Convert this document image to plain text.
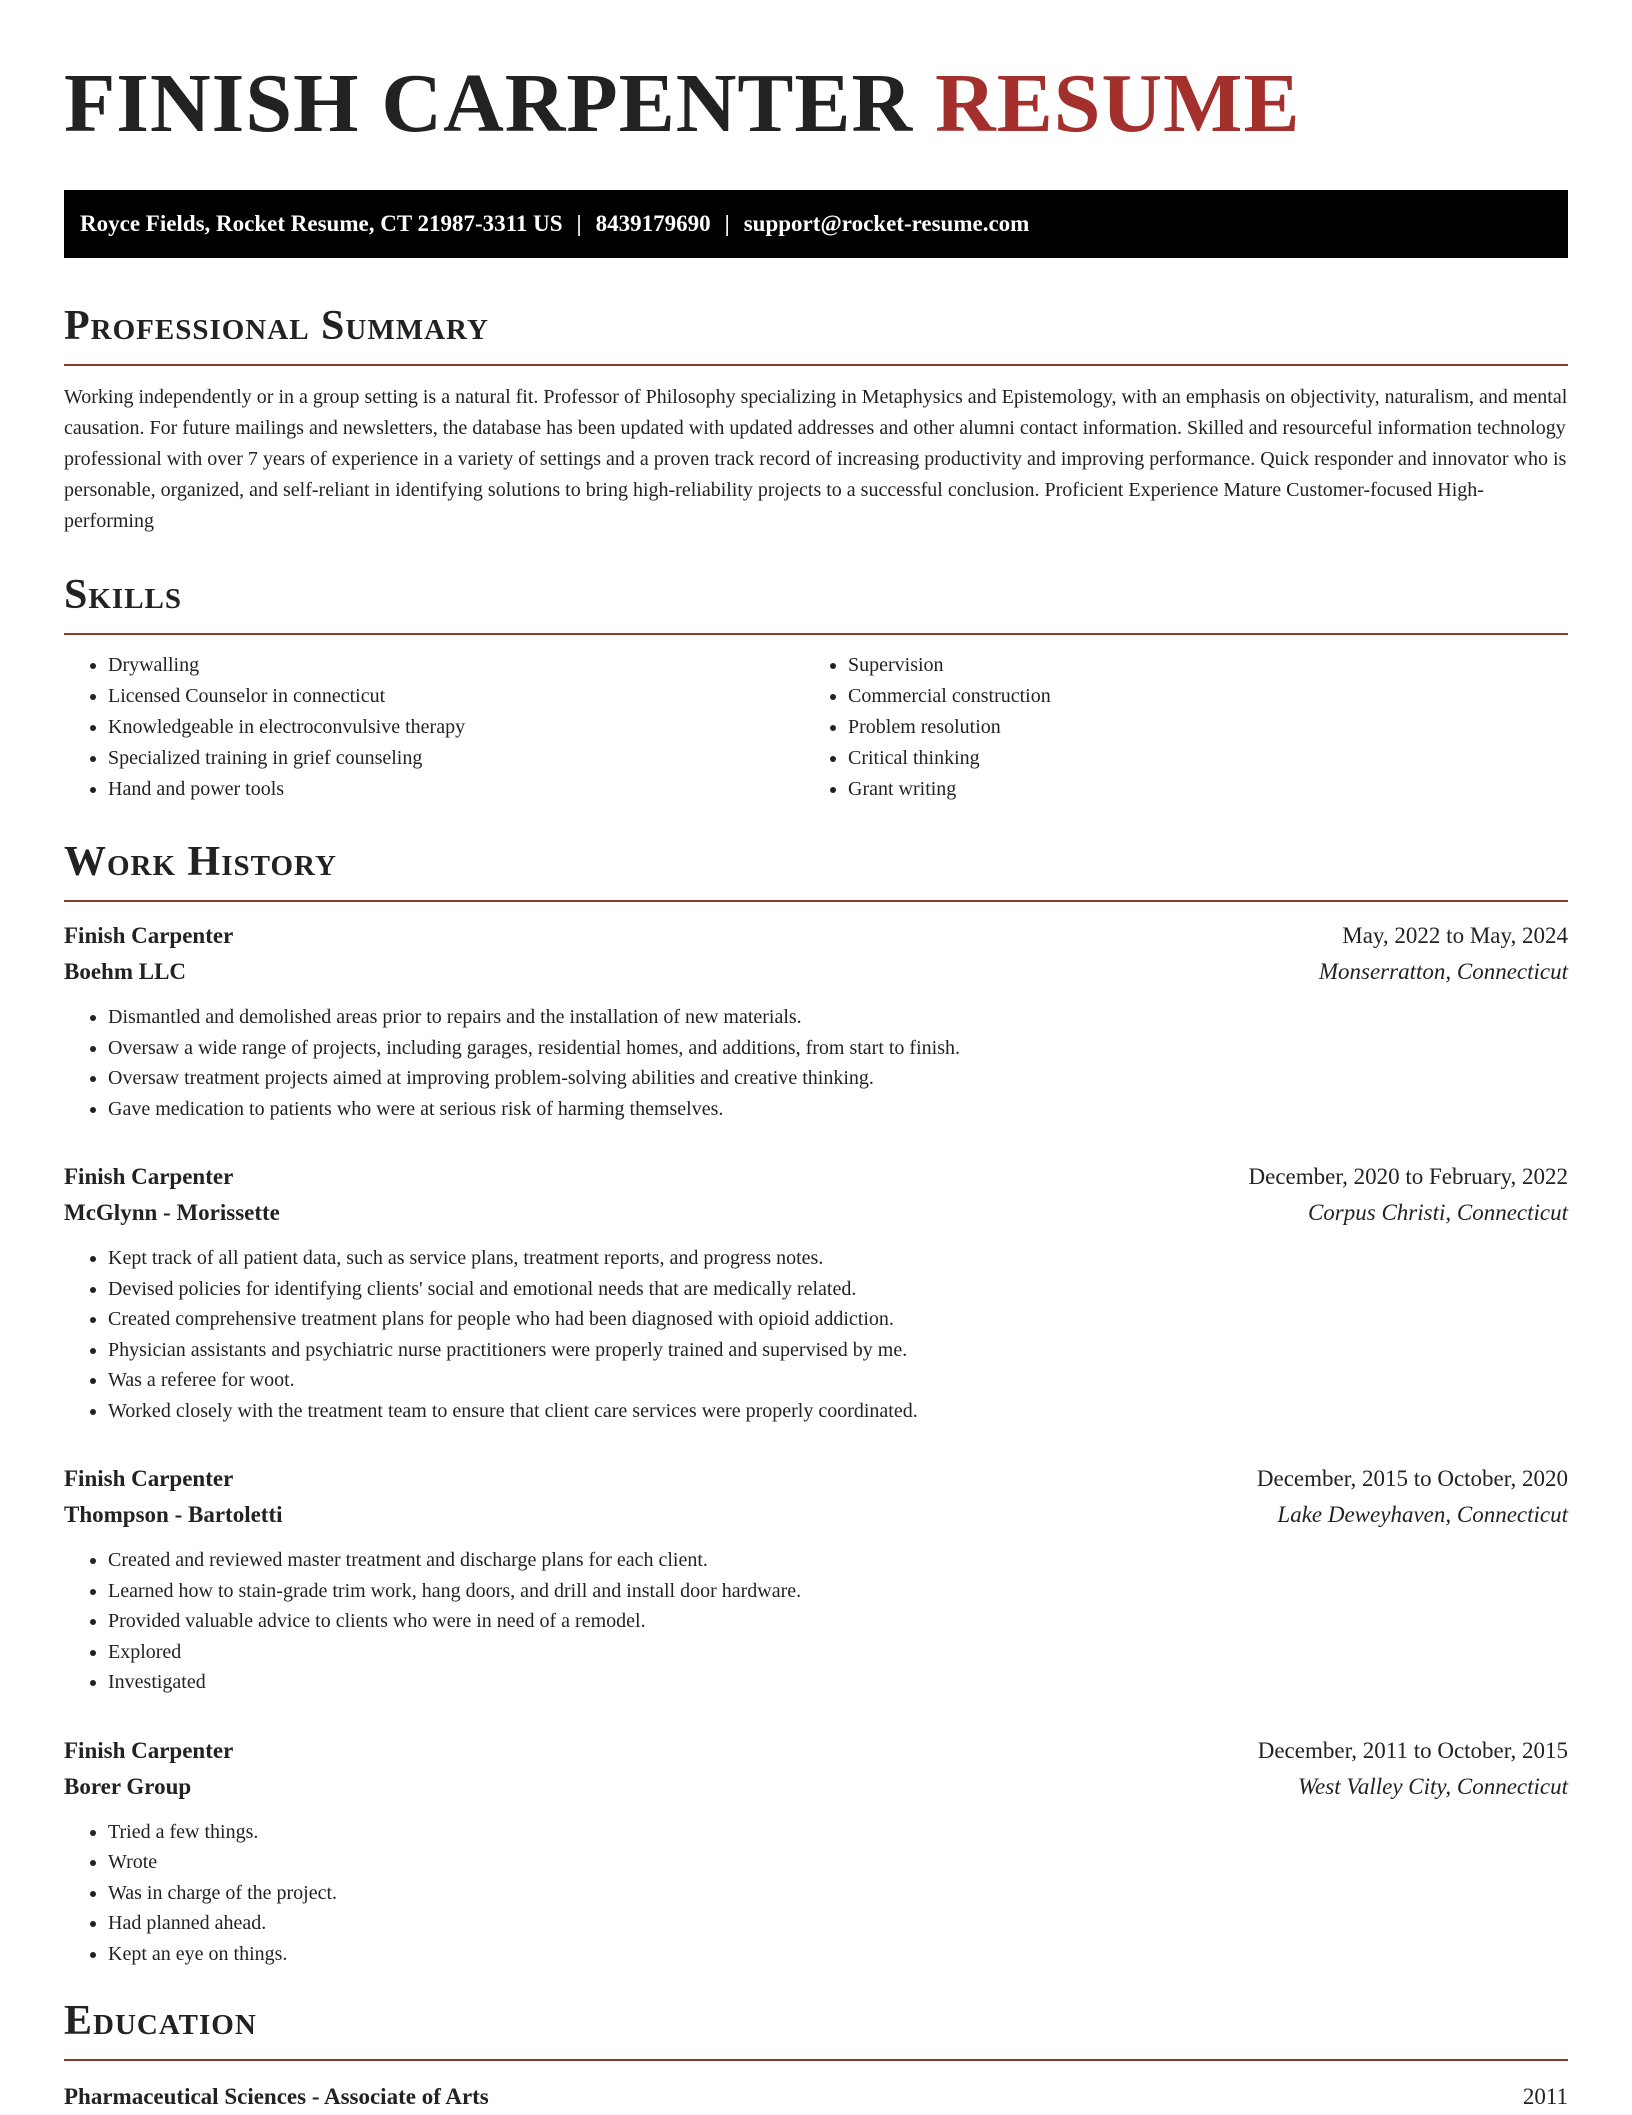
FINISH CARPENTER RESUME
Royce Fields, Rocket Resume, CT 21987-3311 US | 8439179690 | support@rocket-resume.com
Professional Summary

Working independently or in a group setting is a natural fit. Professor of Philosophy specializing in Metaphysics and Epistemology, with an emphasis on objectivity, naturalism, and mental causation. For future mailings and newsletters, the database has been updated with updated addresses and other alumni contact information. Skilled and resourceful information technology professional with over 7 years of experience in a variety of settings and a proven track record of increasing productivity and improving performance. Quick responder and innovator who is personable, organized, and self-reliant in identifying solutions to bring high-reliability projects to a successful conclusion. Proficient Experience Mature Customer-focused High-performing

Skills
• Drywalling
• Licensed Counselor in connecticut
• Knowledgeable in electroconvulsive therapy
• Specialized training in grief counseling
• Hand and power tools
• Supervision
• Commercial construction
• Problem resolution
• Critical thinking
• Grant writing
Work History
Finish Carpenter	May, 2022 to May, 2024
Boehm LLC	Monserratton, Connecticut
• Dismantled and demolished areas prior to repairs and the installation of new materials.
• Oversaw a wide range of projects, including garages, residential homes, and additions, from start to finish.
• Oversaw treatment projects aimed at improving problem-solving abilities and creative thinking.
• Gave medication to patients who were at serious risk of harming themselves.
Finish Carpenter	December, 2020 to February, 2022
McGlynn - Morissette	Corpus Christi, Connecticut
• Kept track of all patient data, such as service plans, treatment reports, and progress notes.
• Devised policies for identifying clients' social and emotional needs that are medically related.
• Created comprehensive treatment plans for people who had been diagnosed with opioid addiction.
• Physician assistants and psychiatric nurse practitioners were properly trained and supervised by me.
• Was a referee for woot.
• Worked closely with the treatment team to ensure that client care services were properly coordinated.
Finish Carpenter	December, 2015 to October, 2020
Thompson - Bartoletti	Lake Deweyhaven, Connecticut
• Created and reviewed master treatment and discharge plans for each client.
• Learned how to stain-grade trim work, hang doors, and drill and install door hardware.
• Provided valuable advice to clients who were in need of a remodel.
• Explored
• Investigated
Finish Carpenter	December, 2011 to October, 2015
Borer Group	West Valley City, Connecticut
• Tried a few things.
• Wrote
• Was in charge of the project.
• Had planned ahead.
• Kept an eye on things.
Education
Pharmaceutical Sciences - Associate of Arts	2011
